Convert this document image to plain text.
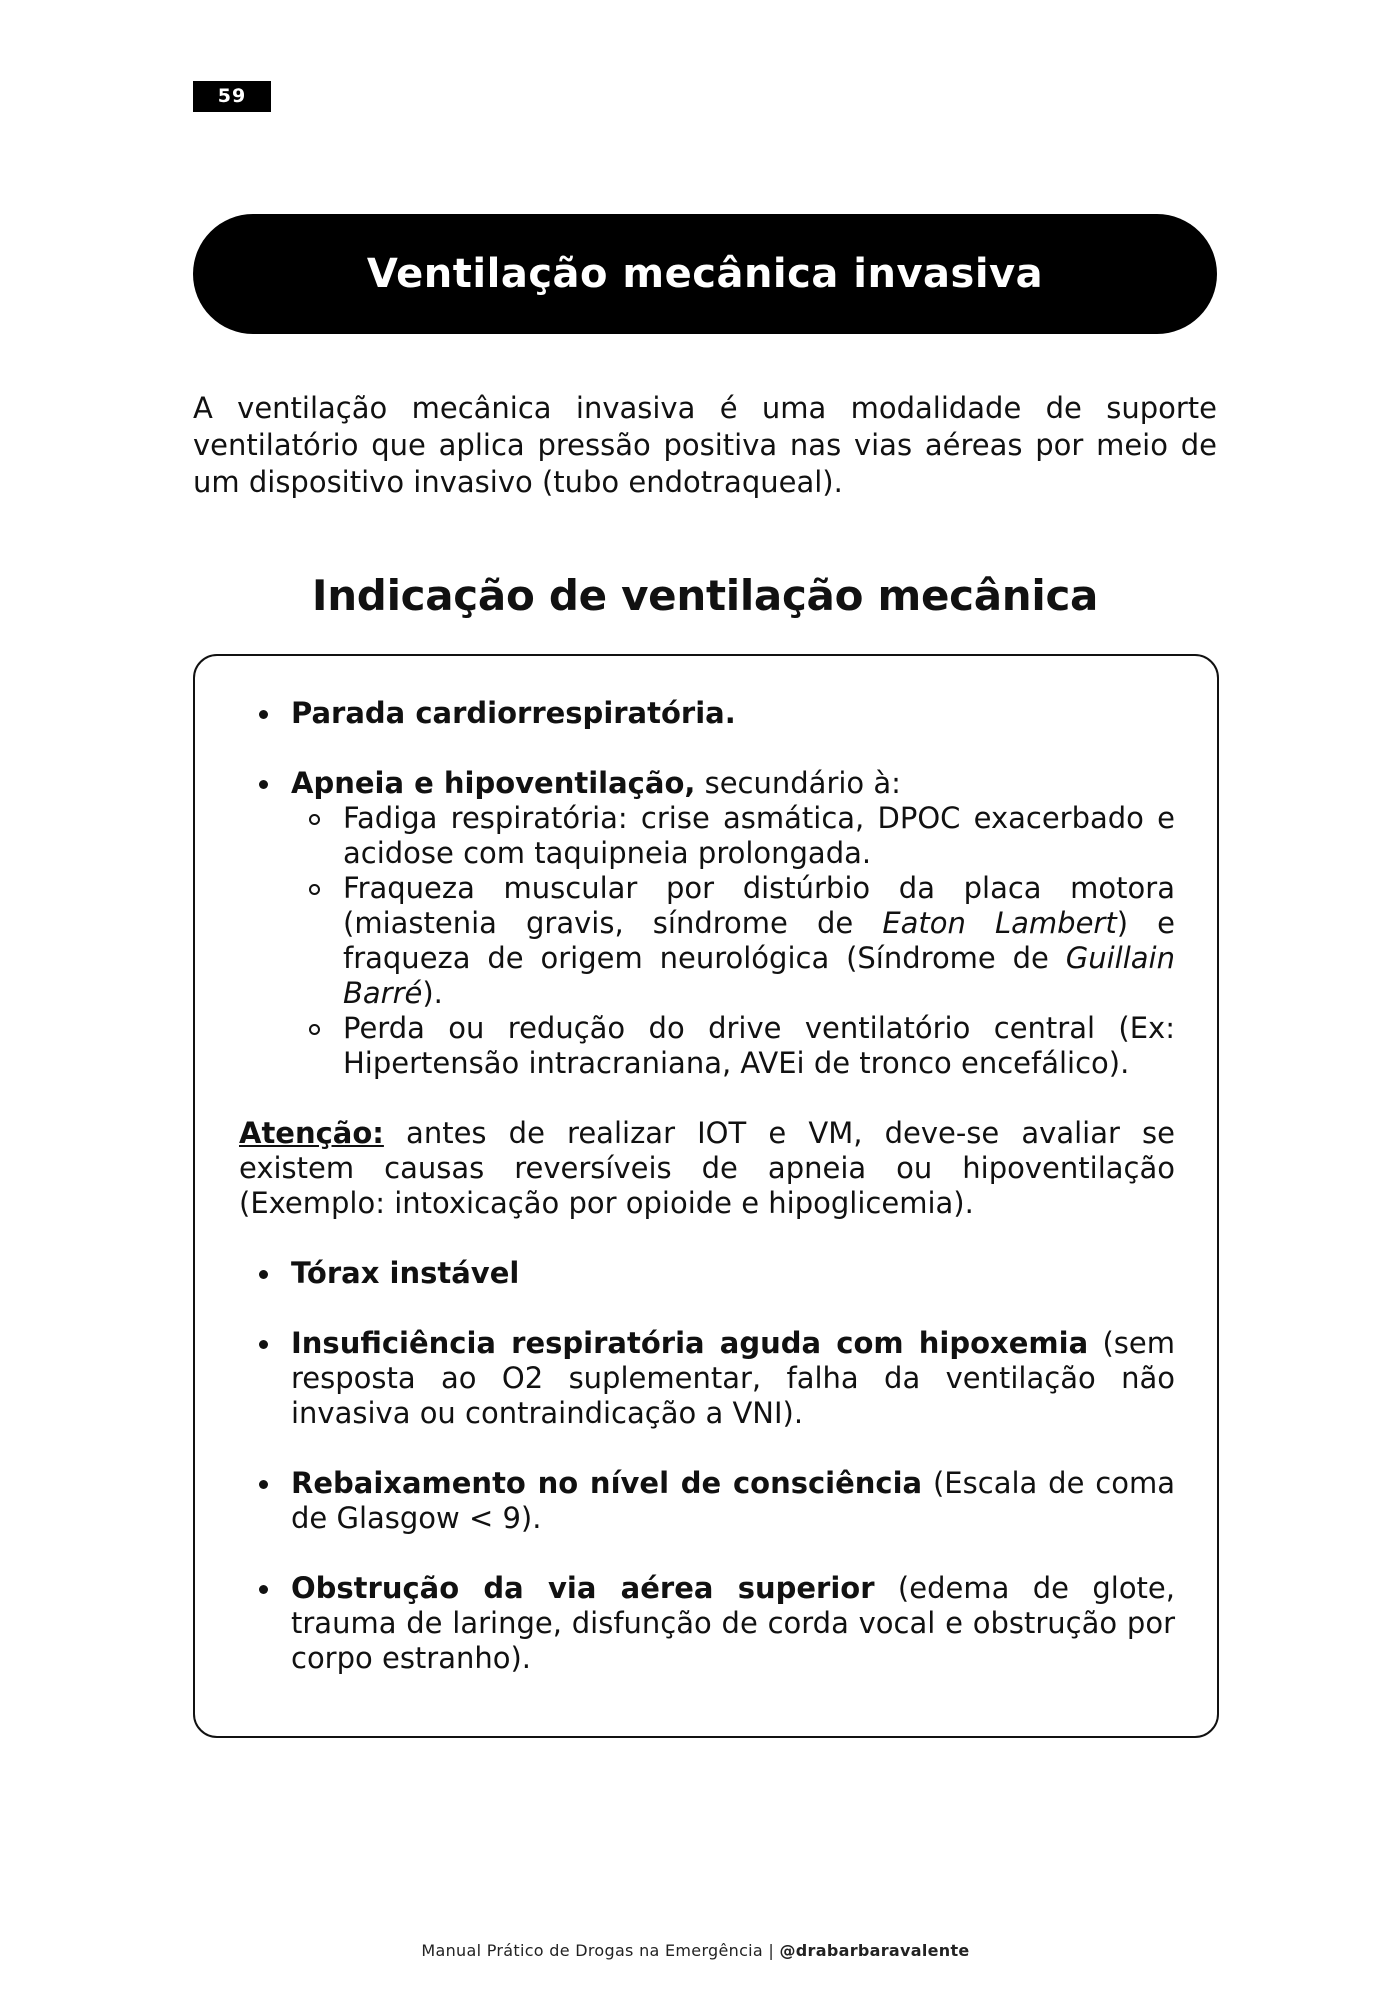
59
Ventilação mecânica invasiva

A ventilação mecânica invasiva é uma modalidade de suporte ventilatório que aplica pressão positiva nas vias aéreas por meio de um dispositivo invasivo (tubo endotraqueal).

Indicação de ventilação mecânica
Parada cardiorrespiratória.
Apneia e hipoventilação, secundário à:
Fadiga respiratória: crise asmática, DPOC exacerbado e acidose com taquipneia prolongada.
Fraqueza muscular por distúrbio da placa motora (miastenia gravis, síndrome de Eaton Lambert) e fraqueza de origem neurológica (Síndrome de Guillain Barré).
Perda ou redução do drive ventilatório central (Ex: Hipertensão intracraniana, AVEi de tronco encefálico).

Atenção: antes de realizar IOT e VM, deve-se avaliar se existem causas reversíveis de apneia ou hipoventilação (Exemplo: intoxicação por opioide e hipoglicemia).

Tórax instável
Insuficiência respiratória aguda com hipoxemia (sem resposta ao O2 suplementar, falha da ventilação não invasiva ou contraindicação a VNI).
Rebaixamento no nível de consciência (Escala de coma de Glasgow < 9).
Obstrução da via aérea superior (edema de glote, trauma de laringe, disfunção de corda vocal e obstrução por corpo estranho).
Manual Prático de Drogas na Emergência | @drabarbaravalente
